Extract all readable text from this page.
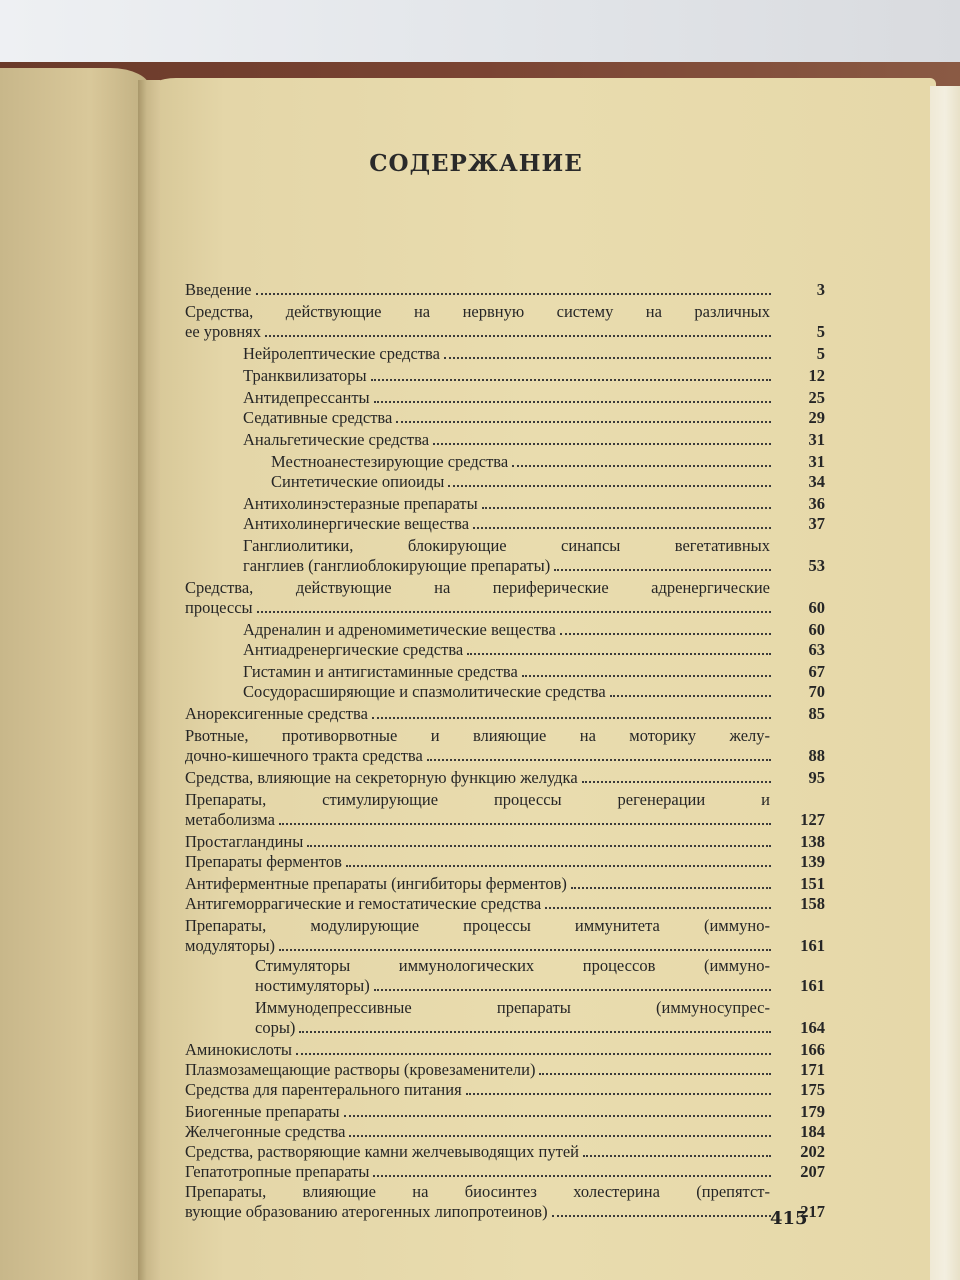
СОДЕРЖАНИЕ
Введение	3
Средства, действующие на нервную систему на различных
ее уровнях	5
Нейролептические средства	5
Транквилизаторы	12
Антидепрессанты	25
Седативные средства	29
Анальгетические средства	31
Местноанестезирующие средства	31
Синтетические опиоиды	34
Антихолинэстеразные препараты	36
Антихолинергические вещества	37
Ганглиолитики, блокирующие синапсы вегетативных
ганглиев (ганглиоблокирующие препараты)	53
Средства, действующие на периферические адренергические
процессы	60
Адреналин и адреномиметические вещества	60
Антиадренергические средства	63
Гистамин и антигистаминные средства	67
Сосудорасширяющие и спазмолитические средства	70
Анорексигенные средства	85
Рвотные, противорвотные и влияющие на моторику желу-
дочно-кишечного тракта средства	88
Средства, влияющие на секреторную функцию желудка	95
Препараты, стимулирующие процессы регенерации и
метаболизма	127
Простагландины	138
Препараты ферментов	139
Антиферментные препараты (ингибиторы ферментов)	151
Антигеморрагические и гемостатические средства	158
Препараты, модулирующие процессы иммунитета (иммуно-
модуляторы)	161
Стимуляторы иммунологических процессов (иммуно-
ностимуляторы)	161
Иммунодепрессивные препараты (иммуносупрес-
соры)	164
Аминокислоты	166
Плазмозамещающие растворы (кровезаменители)	171
Средства для парентерального питания	175
Биогенные препараты	179
Желчегонные средства	184
Средства, растворяющие камни желчевыводящих путей	202
Гепатотропные препараты	207
Препараты, влияющие на биосинтез холестерина (препятст-
вующие образованию атерогенных липопротеинов)	217
415
